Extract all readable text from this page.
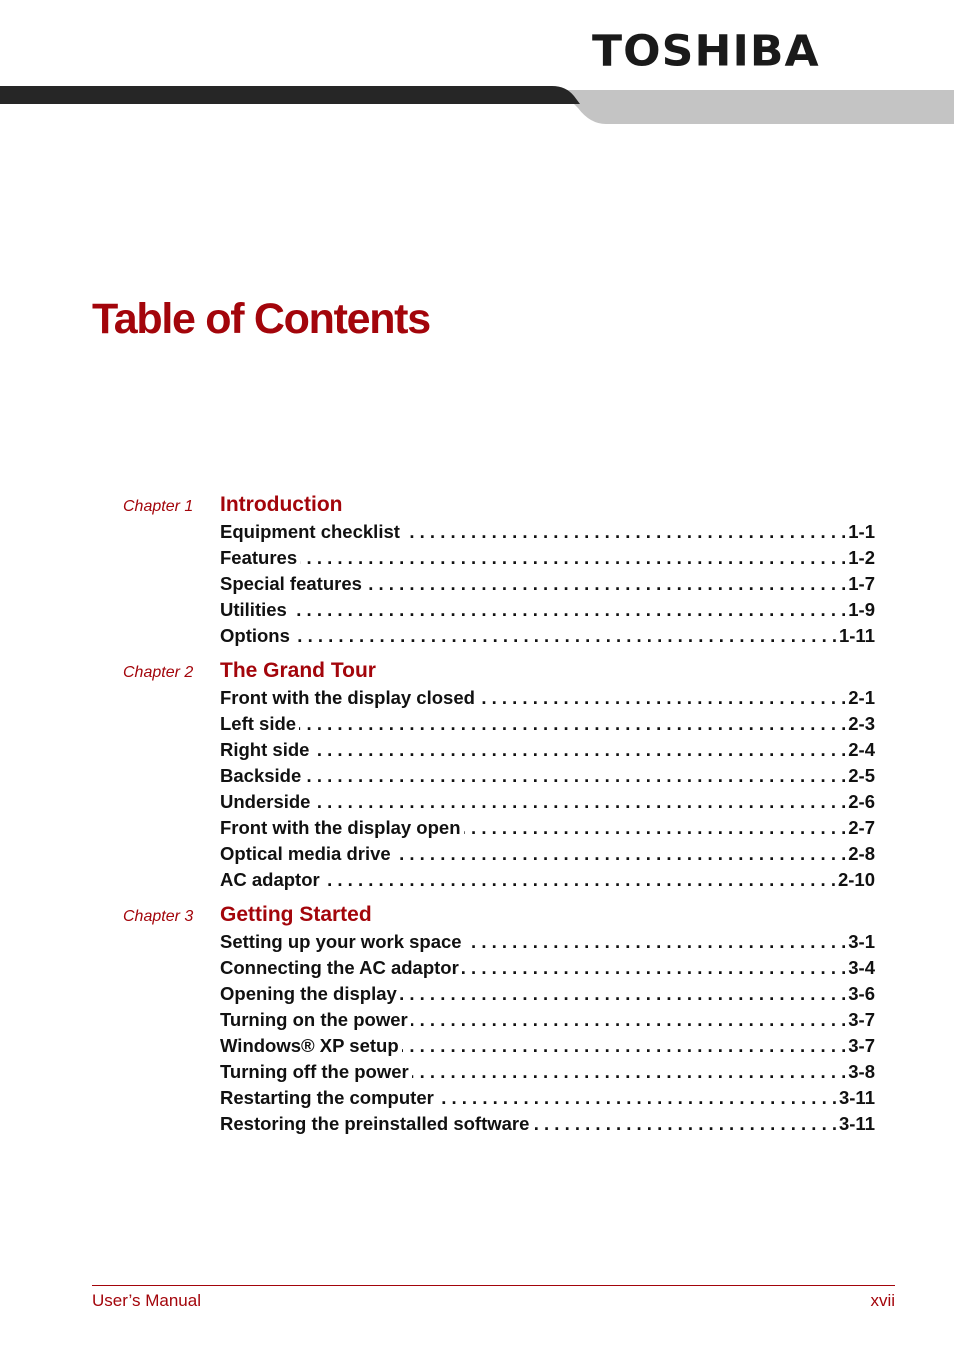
TOSHIBA
Table of Contents
Chapter 1 Introduction
Equipment checklist . . .	1-1
Features . . .	1-2
Special features . . .	1-7
Utilities . . .	1-9
Options . . .	1-11
Chapter 2 The Grand Tour
Front with the display closed . . .	2-1
Left side . . .	2-3
Right side . . .	2-4
Backside . . .	2-5
Underside . . .	2-6
Front with the display open . . .	2-7
Optical media drive . . .	2-8
AC adaptor . . .	2-10
Chapter 3 Getting Started
Setting up your work space . . .	3-1
Connecting the AC adaptor . . .	3-4
Opening the display . . .	3-6
Turning on the power . . .	3-7
Windows® XP setup . . .	3-7
Turning off the power . . .	3-8
Restarting the computer . . .	3-11
Restoring the preinstalled software . . .	3-11
User’s Manual	xvii
